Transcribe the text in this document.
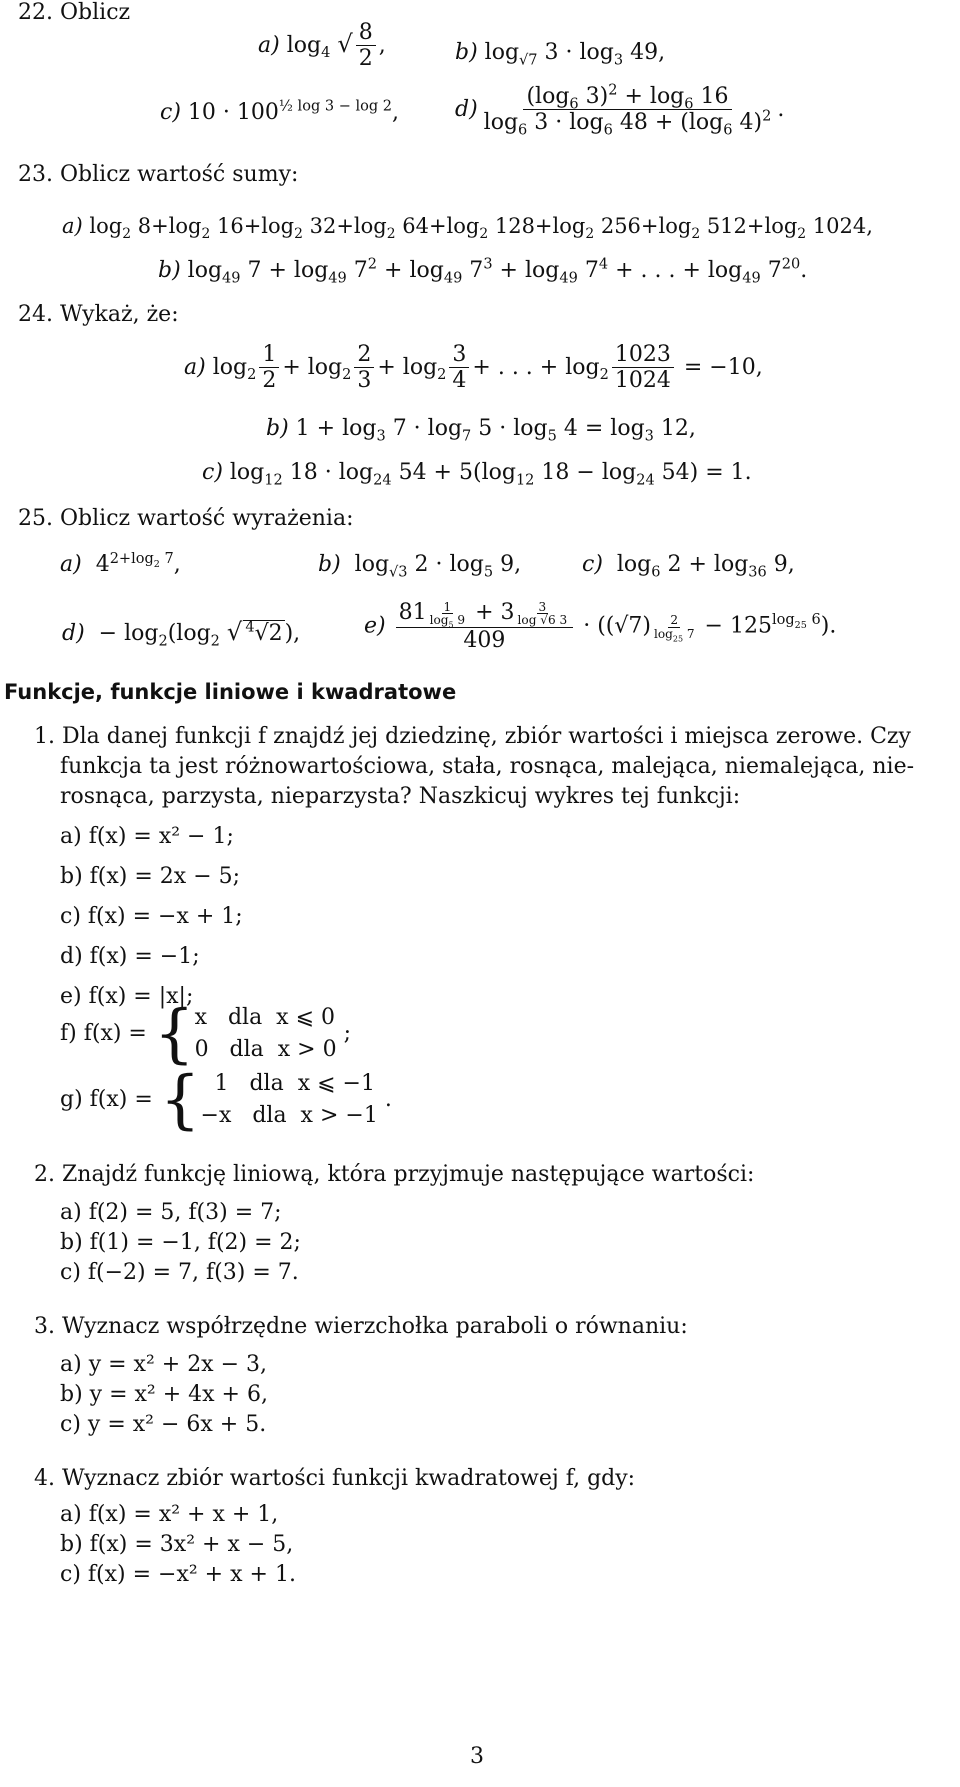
22. Oblicz
a) $\log_4$ √ $\frac{8}{2}$ ,	b) $\log_{√7} 3 \cdot \log_3 49$,
c) $10 \cdot 100^{\frac{1}{2} log 3 - log 2}$,	$d) \frac{(\log_6 3)^2 + \log_6 16}{\log_6 3 \cdot \log_6 48 + (\log_6 4)^2}$ .
23. Oblicz wartość sumy:
a) $\log_2 8+\log_2$ $16+\log_2$ $32+\log_2$ $64+\log_2$ $128+\log_2$ $256+\log_2$ $512+\log_2$ 1024,
b) $\log_{49} 7 + \log_{49} 7^2 + \log_{49} 7^3 + \log_{49} 7^4$ + . . . + $\log_{49} 7^{20}$.
24. Wykaż, że:
a) $\log_2 \frac{1}{2} + \log_2 \frac{2}{3} + \log_2 \frac{3}{4}$ + . . . + $\log_2 \frac{1023}{1024} = -10$,
b) $1 + \log_3 7 \cdot \log_7 5 \cdot \log_5 4 = \log_3 12$,
c) $\log_{12} 18 \cdot \log_{24} 54 + 5(\log_{12}$ $18 - \log_{24} 54) = 1$.
25. Oblicz wartość wyrażenia:
a)  $4^{2+log_2 7}$,	b)  $\log_{√3} 2 \cdot \log_5 9$,	c)  $\log_6 2 + \log_{36} 9$,
$d) - \log_2(\log_2$ √ $^4$√2),	$e) \frac{81 \frac{1}{\log_5 9} + 3 \frac{3}{\log √6 3}}{409} \cdot ((√7) \frac{2}{\log_{25} 7} - 125^{log_{25} 6})$.
Funkcje, funkcje liniowe i kwadratowe
1. Dla danej funkcji f znajdź jej dziedzinę, zbiór wartości i miejsca zerowe. Czy
funkcja ta jest różnowartościowa, stała, rosnąca, malejąca, niemalejąca, nie-
rosnąca, parzysta, nieparzysta? Naszkicuj wykres tej funkcji:
a) f(x) = x² − 1;
b) f(x) = 2x − 5;
c) f(x) = −x + 1;
d) f(x) = −1;
e) f(x) = |x|;
f) f(x) = { x   dla  x ⩽ 0
0   dla  x > 0
;
g) f(x) = { 1   dla  x ⩽ −1
−x   dla  x > −1
.
2. Znajdź funkcję liniową, która przyjmuje następujące wartości:
a) f(2) = 5, f(3) = 7;
b) f(1) = −1, f(2) = 2;
c) f(−2) = 7, f(3) = 7.
3. Wyznacz współrzędne wierzchołka paraboli o równaniu:
a) y = x² + 2x − 3,
b) y = x² + 4x + 6,
c) y = x² − 6x + 5.
4. Wyznacz zbiór wartości funkcji kwadratowej f, gdy:
a) f(x) = x² + x + 1,
b) f(x) = 3x² + x − 5,
c) f(x) = −x² + x + 1.
3
